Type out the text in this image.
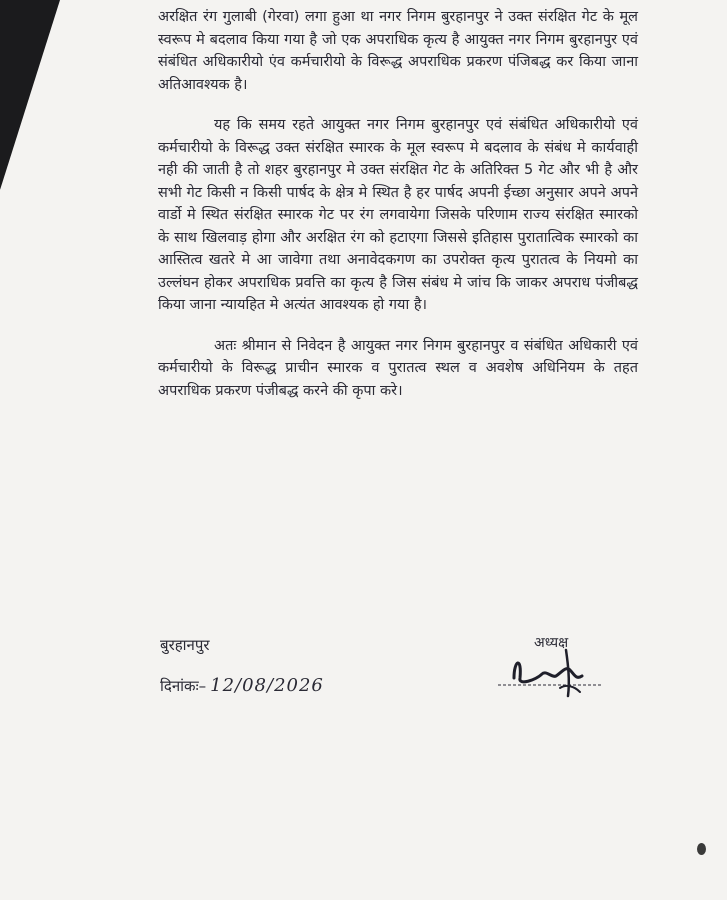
अरक्षित रंग गुलाबी (गेरवा) लगा हुआ था नगर निगम बुरहानपुर ने उक्त संरक्षित गेट के मूल स्वरूप मे बदलाव किया गया है जो एक अपराधिक कृत्य है आयुक्त नगर निगम बुरहानपुर एवं संबंधित अधिकारीयो एंव कर्मचारीयो के विरूद्ध अपराधिक प्रकरण पंजिबद्ध कर किया जाना अतिआवश्यक है।

यह कि समय रहते आयुक्त नगर निगम बुरहानपुर एवं संबंधित अधिकारीयो एवं कर्मचारीयो के विरूद्ध उक्त संरक्षित स्मारक के मूल स्वरूप मे बदलाव के संबंध मे कार्यवाही नही की जाती है तो शहर बुरहानपुर मे उक्त संरक्षित गेट के अतिरिक्त 5 गेट और भी है और सभी गेट किसी न किसी पार्षद के क्षेत्र मे स्थित है हर पार्षद अपनी ईच्छा अनुसार अपने अपने वार्डो मे स्थित संरक्षित स्मारक गेट पर रंग लगवायेगा जिसके परिणाम राज्य संरक्षित स्मारको के साथ खिलवाड़ होगा और अरक्षित रंग को हटाएगा जिससे इतिहास पुरातात्विक स्मारको का आस्तित्व खतरे मे आ जावेगा तथा अनावेदकगण का उपरोक्त कृत्य पुरातत्व के नियमो का उल्लंघन होकर अपराधिक प्रवत्ति का कृत्य है जिस संबंध मे जांच कि जाकर अपराध पंजीबद्ध किया जाना न्यायहित मे अत्यंत आवश्यक हो गया है।

अतः श्रीमान से निवेदन है आयुक्त नगर निगम बुरहानपुर व संबंधित अधिकारी एवं कर्मचारीयो के विरूद्ध प्राचीन स्मारक व पुरातत्व स्थल व अवशेष अधिनियम के तहत अपराधिक प्रकरण पंजीबद्ध करने की कृपा करे।

बुरहानपुर
दिनांकः– 12/08/2026
अध्यक्ष
